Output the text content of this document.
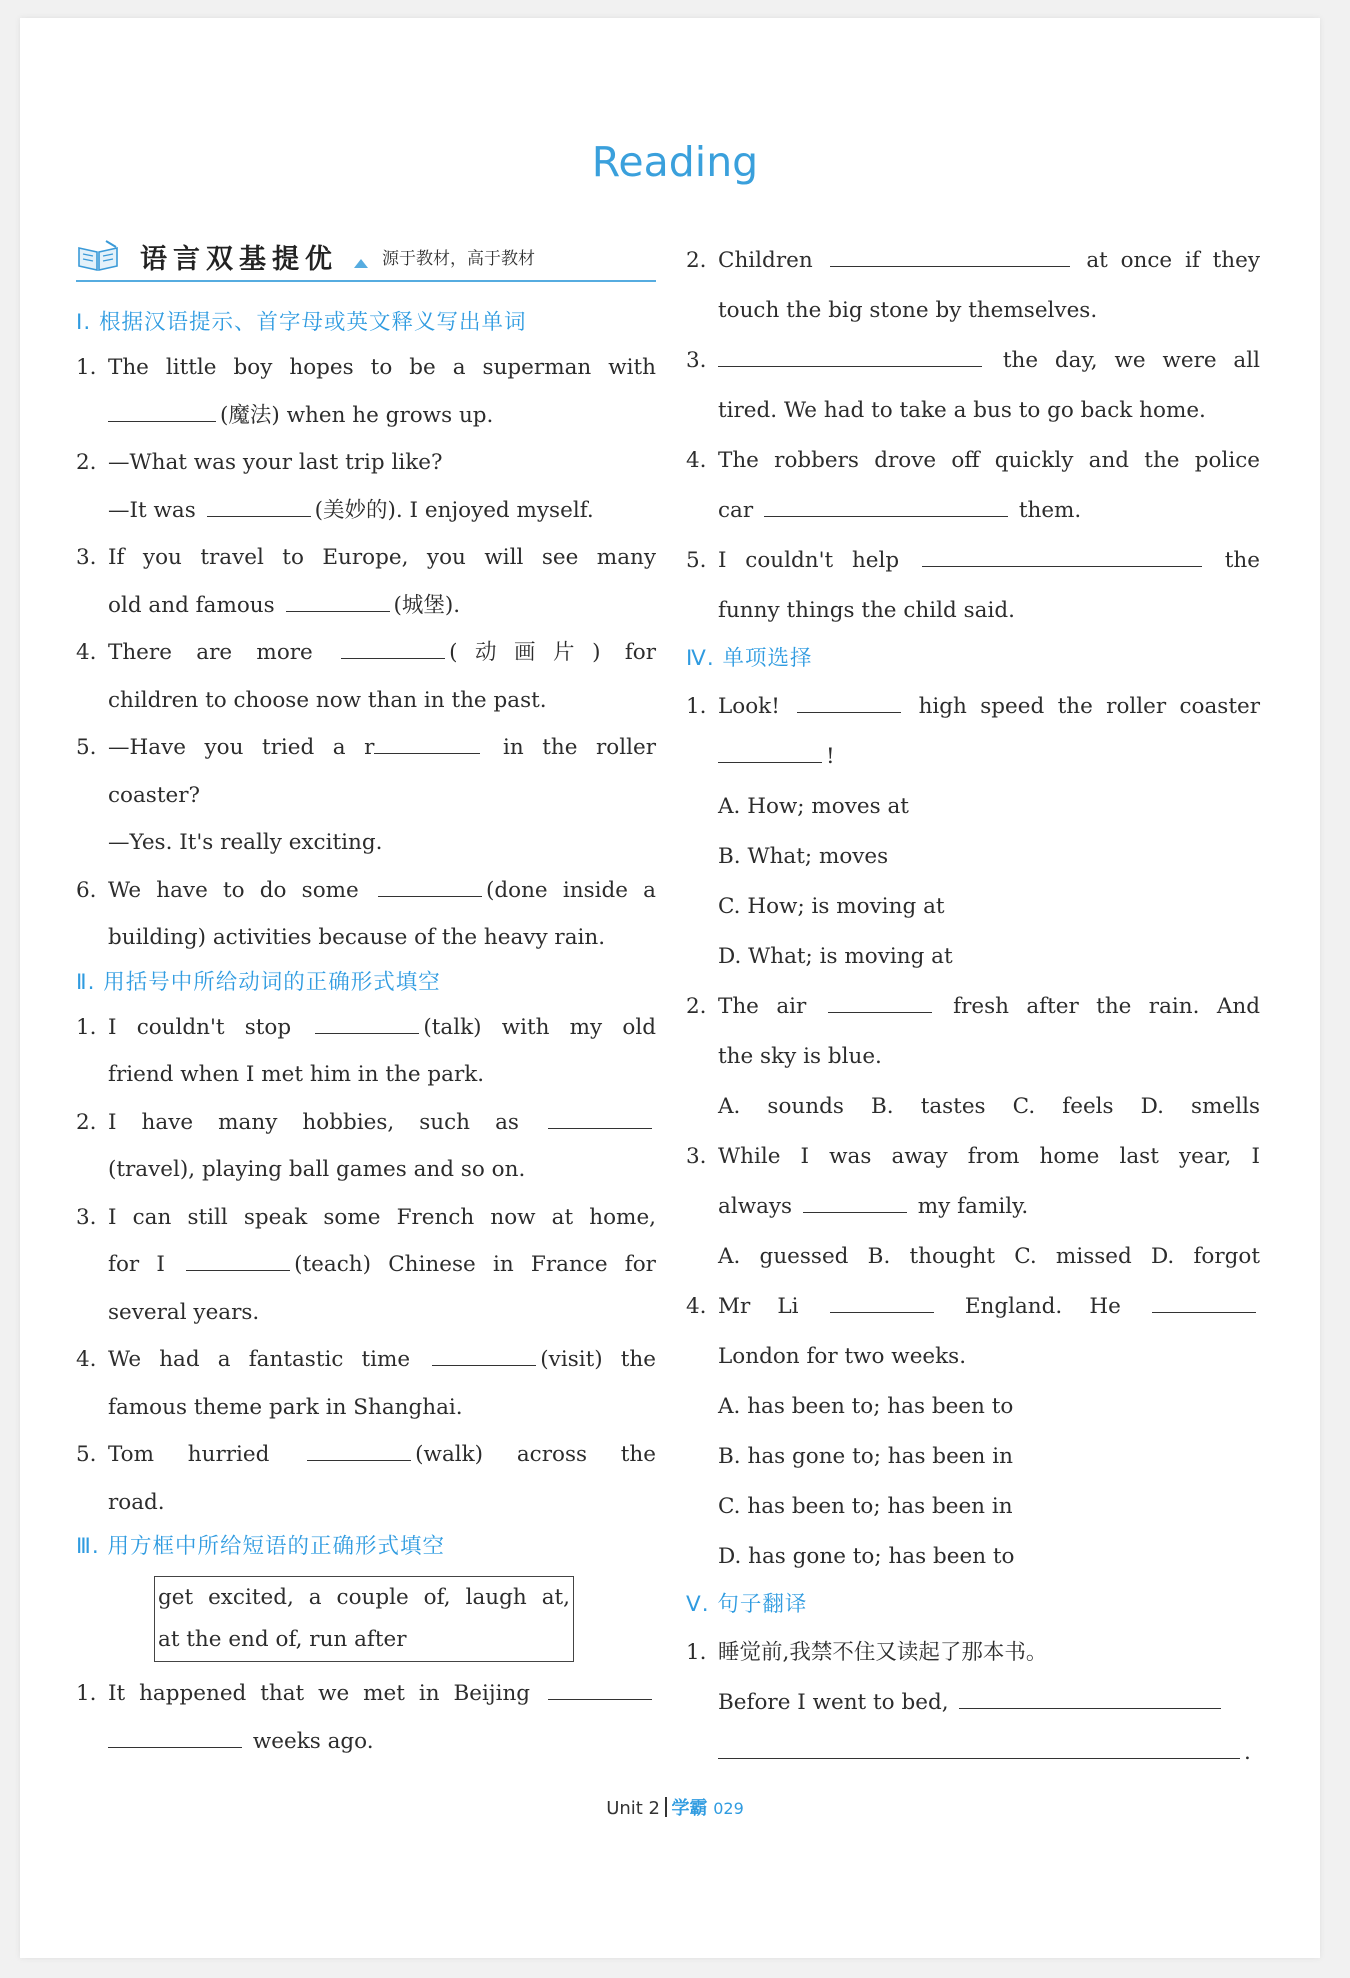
Reading
语言双基提优	源于教材，高于教材
Ⅰ. 根据汉语提示、首字母或英文释义写出单词

1. The little boy hopes to be a superman with

(魔法) when he grows up.

2. —What was your last trip like?

—It was	(美妙的). I enjoyed myself.

3. If you travel to Europe, you will see many

old and famous	(城堡).

4. There are more	(动画片) for

children to choose now than in the past.

5. —Have you tried a r	in the roller

coaster?

—Yes. It's really exciting.

6. We have to do some	(done inside a

building) activities because of the heavy rain.

Ⅱ. 用括号中所给动词的正确形式填空

1. I couldn't stop	(talk) with my old

friend when I met him in the park.

2. I have many hobbies, such as

(travel), playing ball games and so on.

3. I can still speak some French now at home,

for I	(teach) Chinese in France for

several years.

4. We had a fantastic time	(visit) the

famous theme park in Shanghai.

5. Tom hurried	(walk) across the

road.

Ⅲ. 用方框中所给短语的正确形式填空

get excited, a couple of, laugh at,

at the end of, run after

1. It happened that we met in Beijing

weeks ago.

2. Children	at once if they

touch the big stone by themselves.

3.	the day, we were all

tired. We had to take a bus to go back home.

4. The robbers drove off quickly and the police

car	them.

5. I couldn't help	the

funny things the child said.

Ⅳ. 单项选择

1. Look!	high speed the roller coaster

!

A. How; moves at

B. What; moves

C. How; is moving at

D. What; is moving at

2. The air	fresh after the rain. And

the sky is blue.

A. sounds B. tastes C. feels D. smells

3. While I was away from home last year, I

always	my family.

A. guessed B. thought C. missed D. forgot

4. Mr Li	England. He

London for two weeks.

A. has been to; has been to

B. has gone to; has been in

C. has been to; has been in

D. has gone to; has been to

Ⅴ. 句子翻译

1. 睡觉前,我禁不住又读起了那本书。

Before I went to bed,

.

Unit 2 学霸 029
